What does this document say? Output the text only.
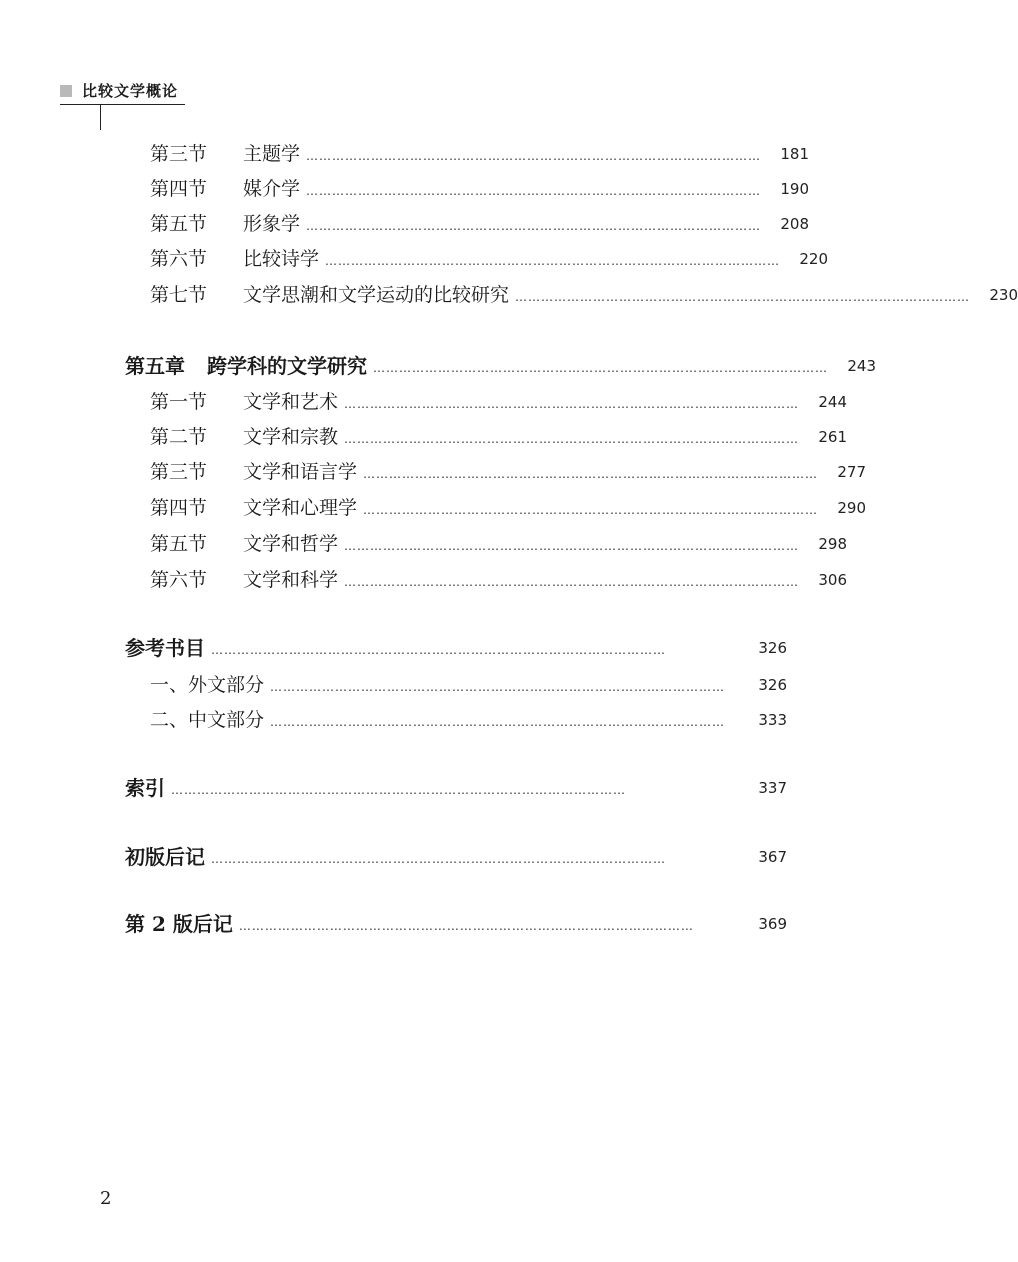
比较文学概论
第三节	主题学 ……………………………………………………………………………………………	181
第四节	媒介学 ……………………………………………………………………………………………	190
第五节	形象学 ……………………………………………………………………………………………	208
第六节	比较诗学 ……………………………………………………………………………………………	220
第七节	文学思潮和文学运动的比较研究 ……………………………………………………………………………………………	230
第五章 跨学科的文学研究 ……………………………………………………………………………………………	243
第一节	文学和艺术 ……………………………………………………………………………………………	244
第二节	文学和宗教 ……………………………………………………………………………………………	261
第三节	文学和语言学 ……………………………………………………………………………………………	277
第四节	文学和心理学 ……………………………………………………………………………………………	290
第五节	文学和哲学 ……………………………………………………………………………………………	298
第六节	文学和科学 ……………………………………………………………………………………………	306
参考书目 ……………………………………………………………………………………………	326
一、外文部分 ……………………………………………………………………………………………	326
二、中文部分 ……………………………………………………………………………………………	333
索引 ……………………………………………………………………………………………	337
初版后记 ……………………………………………………………………………………………	367
第 2 版后记 ……………………………………………………………………………………………	369
2
